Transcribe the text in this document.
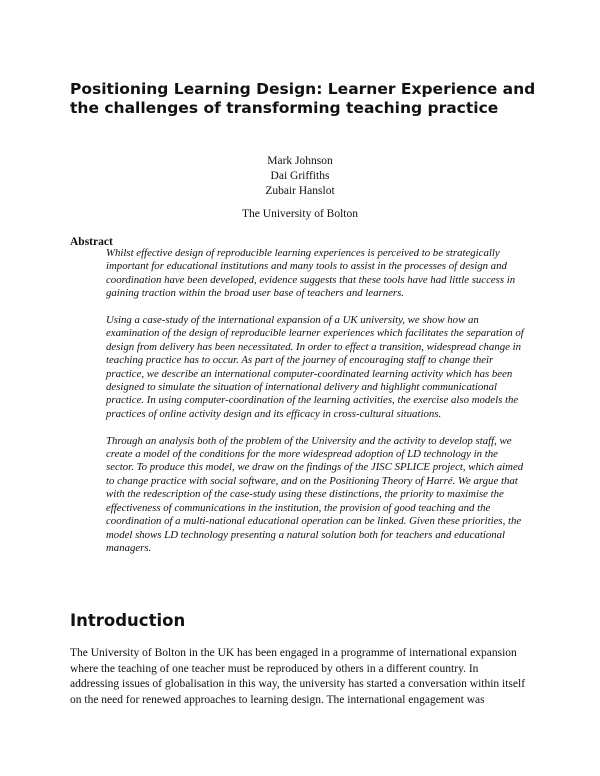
Positioning Learning Design: Learner Experience and the challenges of transforming teaching practice
Mark Johnson
Dai Griffiths
Zubair Hanslot
The University of Bolton
Abstract

Whilst effective design of reproducible learning experiences is perceived to be strategically important for educational institutions and many tools to assist in the processes of design and coordination have been developed, evidence suggests that these tools have had little success in gaining traction within the broad user base of teachers and learners.

Using a case-study of the international expansion of a UK university, we show how an examination of the design of reproducible learner experiences which facilitates the separation of design from delivery has been necessitated. In order to effect a transition, widespread change in teaching practice has to occur. As part of the journey of encouraging staff to change their practice, we describe an international computer-coordinated learning activity which has been designed to simulate the situation of international delivery and highlight communicational practice. In using computer-coordination of the learning activities, the exercise also models the practices of online activity design and its efficacy in cross-cultural situations.

Through an analysis both of the problem of the University and the activity to develop staff, we create a model of the conditions for the more widespread adoption of LD technology in the sector. To produce this model, we draw on the findings of the JISC SPLICE project, which aimed to change practice with social software, and on the Positioning Theory of Harré. We argue that with the redescription of the case-study using these distinctions, the priority to maximise the effectiveness of communications in the institution, the provision of good teaching and the coordination of a multi-national educational operation can be linked. Given these priorities, the model shows LD technology presenting a natural solution both for teachers and educational managers.

Introduction

The University of Bolton in the UK has been engaged in a programme of international expansion where the teaching of one teacher must be reproduced by others in a different country. In addressing issues of globalisation in this way, the university has started a conversation within itself on the need for renewed approaches to learning design. The international engagement was
